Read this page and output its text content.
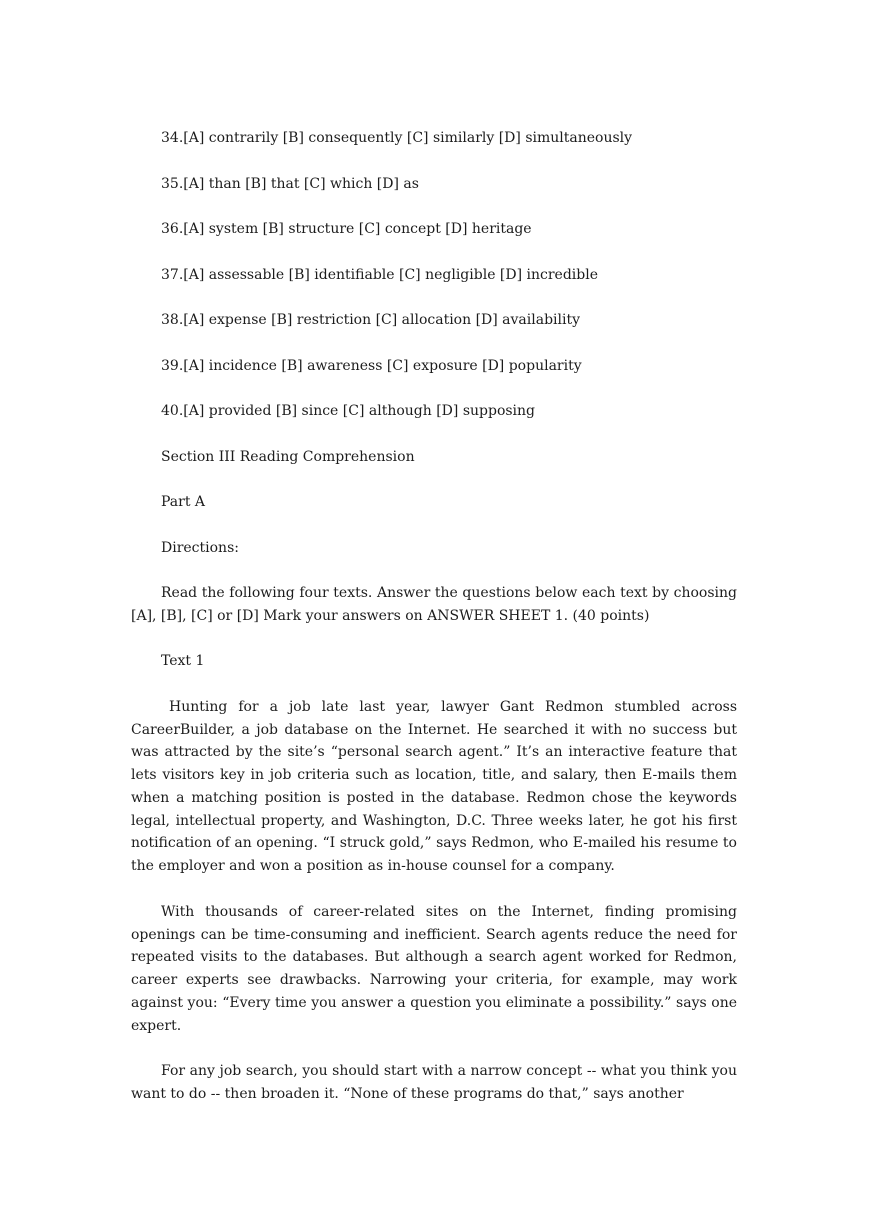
34.[A] contrarily [B] consequently [C] similarly [D] simultaneously
35.[A] than [B] that [C] which [D] as
36.[A] system [B] structure [C] concept [D] heritage
37.[A] assessable [B] identifiable [C] negligible [D] incredible
38.[A] expense [B] restriction [C] allocation [D] availability
39.[A] incidence [B] awareness [C] exposure [D] popularity
40.[A] provided [B] since [C] although [D] supposing
Section III Reading Comprehension
Part A
Directions:

Read the following four texts. Answer the questions below each text by choosing [A], [B], [C] or [D] Mark your answers on ANSWER SHEET 1. (40 points)

Text 1

Hunting for a job late last year, lawyer Gant Redmon stumbled across CareerBuilder, a job database on the Internet. He searched it with no success but was attracted by the site’s “personal search agent.” It’s an interactive feature that lets visitors key in job criteria such as location, title, and salary, then E-mails them when a matching position is posted in the database. Redmon chose the keywords legal, intellectual property, and Washington, D.C. Three weeks later, he got his first notification of an opening. “I struck gold,” says Redmon, who E-mailed his resume to the employer and won a position as in-house counsel for a company.

With thousands of career-related sites on the Internet, finding promising openings can be time-consuming and inefficient. Search agents reduce the need for repeated visits to the databases. But although a search agent worked for Redmon, career experts see drawbacks. Narrowing your criteria, for example, may work against you: “Every time you answer a question you eliminate a possibility.” says one expert.

For any job search, you should start with a narrow concept -- what you think you want to do -- then broaden it. “None of these programs do that,” says another
